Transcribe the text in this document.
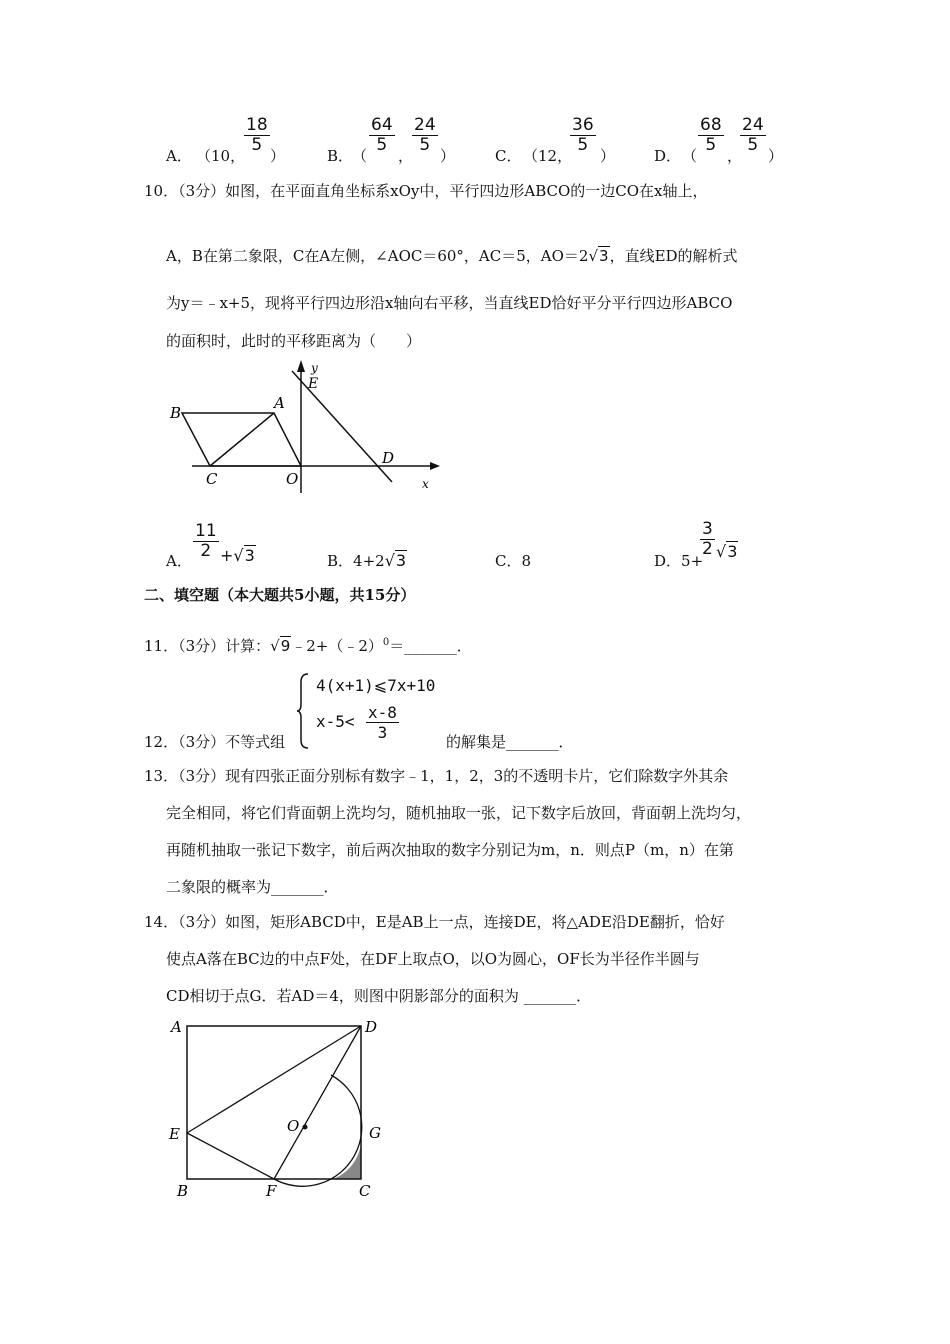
A． （10，
$\frac{18}{5}$
）	B．
（
$\frac{64}{5}$
，
$\frac{24}{5}$
）	C． （12，
$\frac{36}{5}$
）	D． （
$\frac{68}{5}$
，
$\frac{24}{5}$
）
10．（3分）如图，在平面直角坐标系xOy中，平行四边形ABCO的一边CO在x轴上，
A，B在第二象限，C在A左侧，∠AOC＝60°，AC＝5，AO＝2√3，直线ED的解析式
为y＝﹣x+5，现将平行四边形沿x轴向右平移，当直线ED恰好平分平行四边形ABCO
的面积时，此时的平移距离为（　　）
B
A
C	O
D
E
y
x
A． $\frac{11}{2} +√3$	B．4+2√3	C．8	D．5+
$\frac{3}{2} √3$
二、填空题（本大题共5小题，共15分）
11．（3分）计算：√9﹣2+（﹣2）$^0$＝_______．
12．（3分）不等式组
4(x+1)⩽7x+10
$x-5< \frac{x-8}{3}$	的解集是_______．
13．（3分）现有四张正面分别标有数字﹣1，1，2，3的不透明卡片，它们除数字外其余
完全相同，将它们背面朝上洗均匀，随机抽取一张，记下数字后放回，背面朝上洗均匀，
再随机抽取一张记下数字，前后两次抽取的数字分别记为m，n．则点P（m，n）在第
二象限的概率为_______．
14．（3分）如图，矩形ABCD中，E是AB上一点，连接DE，将△ADE沿DE翻折，恰好
使点A落在BC边的中点F处，在DF上取点O，以O为圆心，OF长为半径作半圆与
CD相切于点G．若AD＝4，则图中阴影部分的面积为 _______．
A	D
E	O	G
B	F	C
